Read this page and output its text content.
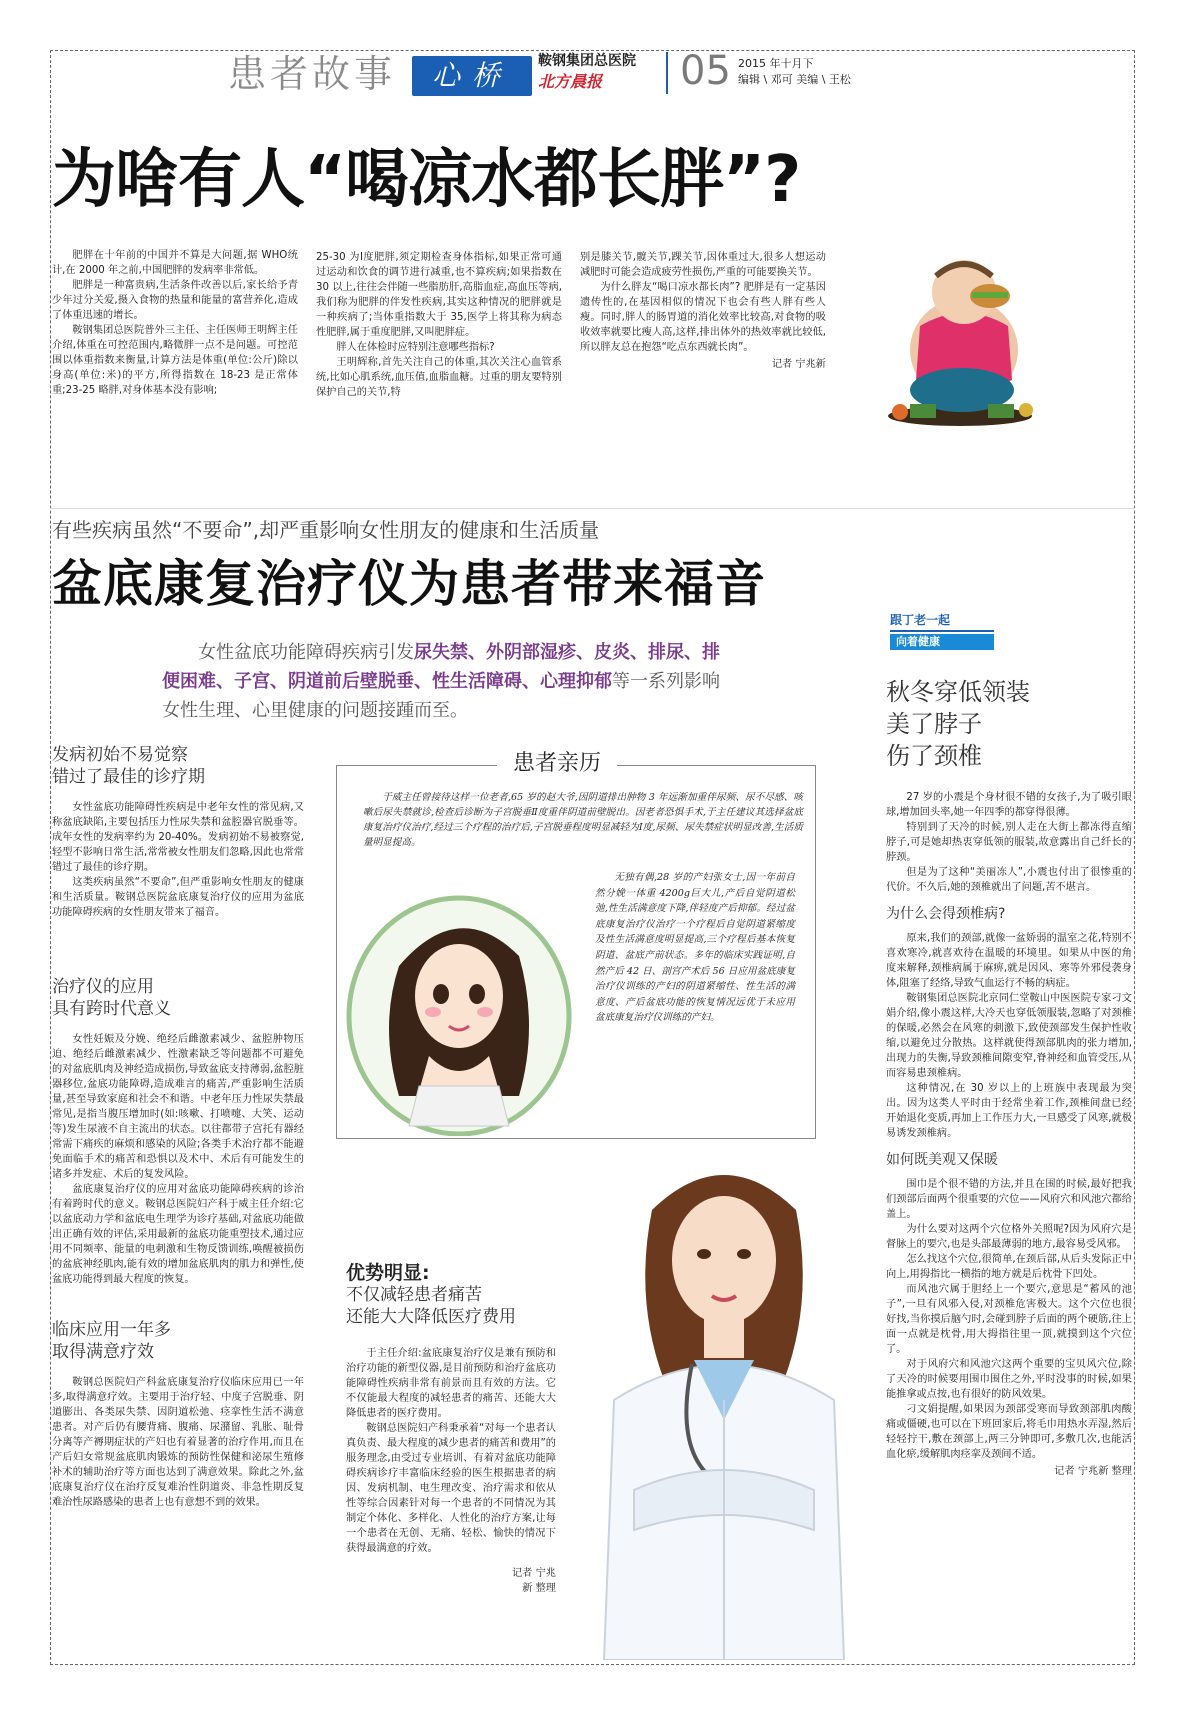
患者故事	心桥	鞍钢集团总医院
北方晨报 05 2015 年十月下
编辑 \ 邓可 美编 \ 王松
为啥有人“喝凉水都长胖”?

肥胖在十年前的中国并不算是大问题,据 WHO统计,在 2000 年之前,中国肥胖的发病率非常低。

肥胖是一种富贵病,生活条件改善以后,家长给予青少年过分关爱,摄入食物的热量和能量的富营养化,造成了体重迅速的增长。

鞍钢集团总医院普外三主任、主任医师王明辉主任介绍,体重在可控范围内,略微胖一点不是问题。可控范围以体重指数来衡量,计算方法是体重(单位:公斤)除以身高(单位:米)的平方,所得指数在 18-23 是正常体重;23-25 略胖,对身体基本没有影响;

25-30 为Ⅰ度肥胖,须定期检查身体指标,如果正常可通过运动和饮食的调节进行减重,也不算疾病;如果指数在 30 以上,往往会伴随一些脂肪肝,高脂血症,高血压等病,我们称为肥胖的伴发性疾病,其实这种情况的肥胖就是一种疾病了;当体重指数大于 35,医学上将其称为病态性肥胖,属于重度肥胖,又叫肥胖症。

胖人在体检时应特别注意哪些指标?

王明辉称,首先关注自己的体重,其次关注心血管系统,比如心肌系统,血压值,血脂血糖。过重的朋友要特别保护自己的关节,特

别是膝关节,髋关节,踝关节,因体重过大,很多人想运动减肥时可能会造成疲劳性损伤,严重的可能要换关节。

为什么胖友“喝口凉水都长肉”? 肥胖是有一定基因遗传性的,在基因相似的情况下也会有些人胖有些人瘦。同时,胖人的肠胃道的消化效率比较高,对食物的吸收效率就要比瘦人高,这样,排出体外的热效率就比较低,所以胖友总在抱怨“吃点东西就长肉”。

记者 宁兆新

有些疾病虽然“不要命”,却严重影响女性朋友的健康和生活质量
盆底康复治疗仪为患者带来福音
女性盆底功能障碍疾病引发尿失禁、外阴部湿疹、皮炎、排尿、排便困难、子宫、阴道前后壁脱垂、性生活障碍、心理抑郁等一系列影响女性生理、心里健康的问题接踵而至。

发病初始不易觉察

错过了最佳的诊疗期

女性盆底功能障碍性疾病是中老年女性的常见病,又称盆底缺陷,主要包括压力性尿失禁和盆腔器官脱垂等。成年女性的发病率约为 20-40%。发病初始不易被察觉,轻型不影响日常生活,常常被女性朋友们忽略,因此也常常错过了最佳的诊疗期。

这类疾病虽然“不要命”,但严重影响女性朋友的健康和生活质量。鞍钢总医院盆底康复治疗仪的应用为盆底功能障碍疾病的女性朋友带来了福音。

治疗仪的应用

具有跨时代意义

女性妊娠及分娩、绝经后雌激素减少、盆腔肿物压迫、绝经后雌激素减少、性激素缺乏等问题都不可避免的对盆底肌肉及神经造成损伤,导致盆底支持薄弱,盆腔脏器移位,盆底功能障碍,造成难言的痛苦,严重影响生活质量,甚至导致家庭和社会不和谐。中老年压力性尿失禁最常见,是指当腹压增加时(如:咳嗽、打喷嚏、大笑、运动等)发生尿液不自主流出的状态。以往都带子宫托有器经常需下痛疾的麻烦和感染的风险;各类手术治疗都不能避免面临手术的痛苦和恐惧以及术中、术后有可能发生的诸多并发症、术后的复发风险。

盆底康复治疗仪的应用对盆底功能障碍疾病的诊治有着跨时代的意义。鞍钢总医院妇产科于威主任介绍:它以盆底动力学和盆底电生理学为诊疗基础,对盆底功能做出正确有效的评估,采用最新的盆底功能重塑技术,通过应用不同频率、能量的电刺激和生物反馈训练,唤醒被损伤的盆底神经肌肉,能有效的增加盆底肌肉的肌力和弹性,使盆底功能得到最大程度的恢复。

临床应用一年多

取得满意疗效

鞍钢总医院妇产科盆底康复治疗仪临床应用已一年多,取得满意疗效。主要用于治疗轻、中度子宫脱垂、阴道膨出、各类尿失禁、因阴道松弛、痉挛性生活不满意患者。对产后仍有腰背痛、腹痛、尿潴留、乳胀、耻骨分离等产褥期症状的产妇也有着显著的治疗作用,而且在产后妇女常规盆底肌肉锻炼的预防性保健和泌尿生殖修补术的辅助治疗等方面也达到了满意效果。除此之外,盆底康复治疗仪在治疗反复难治性阴道炎、非急性期反复难治性尿路感染的患者上也有意想不到的效果。

患者亲历

于威主任曾接待这样一位老者,65 岁的赵大爷,因阴道排出肿物 3 年远渐加重伴尿频、尿不尽感、咳嗽后尿失禁就诊,检查后诊断为子宫脱垂Ⅱ度重伴阴道前壁脱出。因老者恐惧手术,于主任建议其选择盆底康复治疗仪治疗,经过三个疗程的治疗后,子宫脱垂程度明显减轻为Ⅰ度,尿频、尿失禁症状明显改善,生活质量明显提高。

无独有偶,28 岁的产妇张女士,因一年前自然分娩一体重 4200g巨大儿,产后自觉阴道松弛,性生活满意度下降,伴轻度产后抑郁。经过盆底康复治疗仪治疗一个疗程后自觉阴道紧缩度及性生活满意度明显提高,三个疗程后基本恢复阴道、盆底产前状态。多年的临床实践证明,自然产后 42 日、剖宫产术后 56 日应用盆底康复治疗仪训练的产妇的阴道紧缩性、性生活的满意度、产后盆底功能的恢复情况远优于未应用盆底康复治疗仪训练的产妇。

优势明显:

不仅减轻患者痛苦

还能大大降低医疗费用

于主任介绍:盆底康复治疗仪是兼有预防和治疗功能的新型仪器,是目前预防和治疗盆底功能障碍性疾病非常有前景而且有效的方法。它不仅能最大程度的减轻患者的痛苦、还能大大降低患者的医疗费用。

鞍钢总医院妇产科秉承着“对每一个患者认真负责、最大程度的减少患者的痛苦和费用”的服务理念,由受过专业培训、有着对盆底功能障碍疾病诊疗丰富临床经验的医生根据患者的病因、发病机制、电生理改变、治疗需求和依从性等综合因素针对每一个患者的不同情况为其制定个体化、多样化、人性化的治疗方案,让每一个患者在无创、无痛、轻松、愉快的情况下获得最满意的疗效。

记者 宁兆

新 整理

跟丁老一起
向着健康
秋冬穿低领装
美了脖子
伤了颈椎

27 岁的小震是个身材很不错的女孩子,为了吸引眼球,增加回头率,她一年四季的都穿得很薄。

特别到了天冷的时候,别人走在大街上都冻得直缩脖子,可是她却热衷穿低领的服装,故意露出自己纤长的脖颈。

但是为了这种“美丽冻人”,小震也付出了很惨重的代价。不久后,她的颈椎就出了问题,苦不堪言。

为什么会得颈椎病?

原来,我们的颈部,就像一盆娇弱的温室之花,特别不喜欢寒冷,就喜欢待在温暖的环境里。如果从中医的角度来解释,颈椎病属于麻痹,就是因风、寒等外邪侵袭身体,阻塞了经络,导致气血运行不畅的病症。

鞍钢集团总医院北京同仁堂鞍山中医医院专家刁文娟介绍,像小震这样,大冷天也穿低领服装,忽略了对颈椎的保暖,必然会在风寒的刺激下,致使颈部发生保护性收缩,以避免过分散热。这样就使得颈部肌肉的张力增加,出现力的失衡,导致颈椎间隙变窄,脊神经和血管受压,从而容易患颈椎病。

这种情况,在 30 岁以上的上班族中表现最为突出。因为这类人平时由于经常坐着工作,颈椎间盘已经开始退化变质,再加上工作压力大,一旦感受了风寒,就极易诱发颈椎病。

如何既美观又保暖

围巾是个很不错的方法,并且在围的时候,最好把我们颈部后面两个很重要的穴位——风府穴和风池穴都给盖上。

为什么要对这两个穴位格外关照呢?因为风府穴是督脉上的要穴,也是头部最薄弱的地方,最容易受风邪。

怎么找这个穴位,很简单,在颈后部,从后头发际正中向上,用拇指比一横指的地方就是后枕骨下凹处。

而风池穴属于胆经上一个要穴,意思是“蓄风的池子”,一旦有风邪入侵,对颈椎危害极大。这个穴位也很好找,当你摸后脑勺时,会碰到脖子后面的两个硬筋,往上面一点就是枕骨,用大拇指往里一顶,就摸到这个穴位了。

对于风府穴和风池穴这两个重要的宝贝风穴位,除了天冷的时候要用围巾围住之外,平时没事的时候,如果能推拿或点按,也有很好的防风效果。

刁文娟提醒,如果因为颈部受寒而导致颈部肌肉酸痛或僵硬,也可以在下班回家后,将毛巾用热水弄湿,然后轻轻拧干,敷在颈部上,两三分钟即可,多敷几次,也能活血化瘀,缓解肌肉痉挛及颈间不适。

记者 宁兆新 整理
